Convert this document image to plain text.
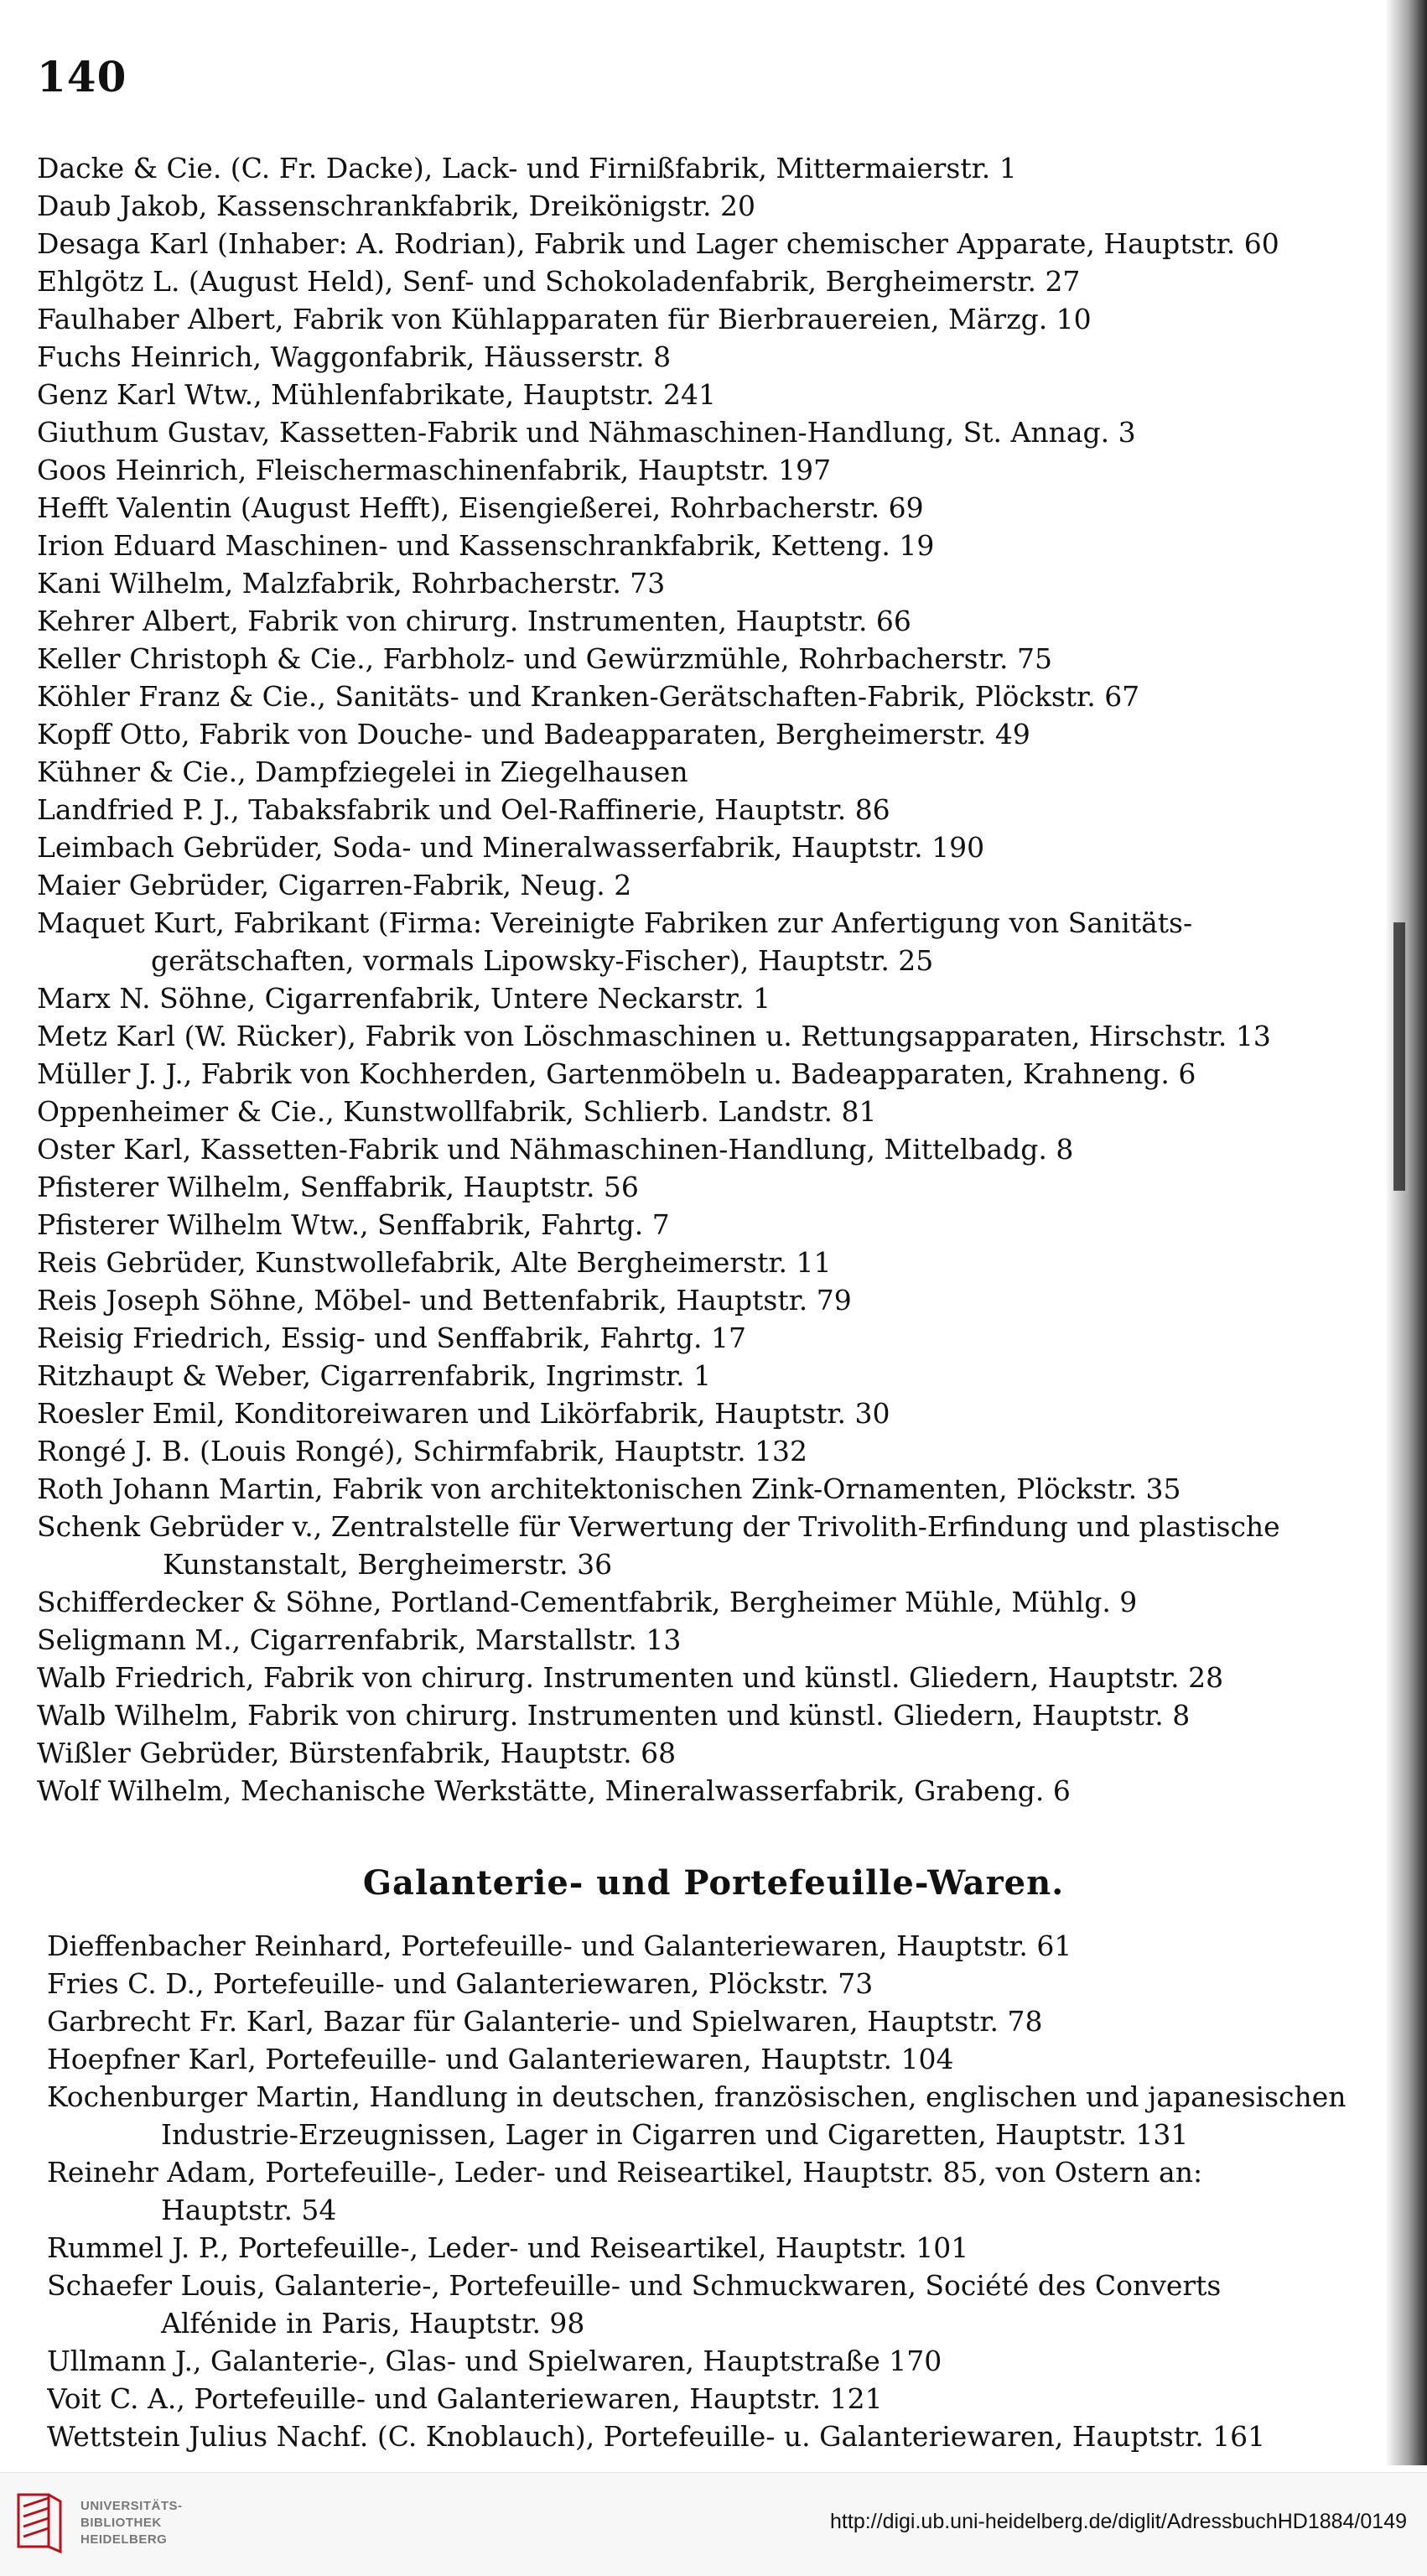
140
Dacke & Cie. (C. Fr. Dacke), Lack- und Firnißfabrik, Mittermaierstr. 1
Daub Jakob, Kassenschrankfabrik, Dreikönigstr. 20
Desaga Karl (Inhaber: A. Rodrian), Fabrik und Lager chemischer Apparate, Hauptstr. 60
Ehlgötz L. (August Held), Senf- und Schokoladenfabrik, Bergheimerstr. 27
Faulhaber Albert, Fabrik von Kühlapparaten für Bierbrauereien, Märzg. 10
Fuchs Heinrich, Waggonfabrik, Häusserstr. 8
Genz Karl Wtw., Mühlenfabrikate, Hauptstr. 241
Giuthum Gustav, Kassetten-Fabrik und Nähmaschinen-Handlung, St. Annag. 3
Goos Heinrich, Fleischermaschinenfabrik, Hauptstr. 197
Hefft Valentin (August Hefft), Eisengießerei, Rohrbacherstr. 69
Irion Eduard Maschinen- und Kassenschrankfabrik, Ketteng. 19
Kani Wilhelm, Malzfabrik, Rohrbacherstr. 73
Kehrer Albert, Fabrik von chirurg. Instrumenten, Hauptstr. 66
Keller Christoph & Cie., Farbholz- und Gewürzmühle, Rohrbacherstr. 75
Köhler Franz & Cie., Sanitäts- und Kranken-Gerätschaften-Fabrik, Plöckstr. 67
Kopff Otto, Fabrik von Douche- und Badeapparaten, Bergheimerstr. 49
Kühner & Cie., Dampfziegelei in Ziegelhausen
Landfried P. J., Tabaksfabrik und Oel-Raffinerie, Hauptstr. 86
Leimbach Gebrüder, Soda- und Mineralwasserfabrik, Hauptstr. 190
Maier Gebrüder, Cigarren-Fabrik, Neug. 2
Maquet Kurt, Fabrikant (Firma: Vereinigte Fabriken zur Anfertigung von Sanitäts-
gerätschaften, vormals Lipowsky-Fischer), Hauptstr. 25
Marx N. Söhne, Cigarrenfabrik, Untere Neckarstr. 1
Metz Karl (W. Rücker), Fabrik von Löschmaschinen u. Rettungsapparaten, Hirschstr. 13
Müller J. J., Fabrik von Kochherden, Gartenmöbeln u. Badeapparaten, Krahneng. 6
Oppenheimer & Cie., Kunstwollfabrik, Schlierb. Landstr. 81
Oster Karl, Kassetten-Fabrik und Nähmaschinen-Handlung, Mittelbadg. 8
Pfisterer Wilhelm, Senffabrik, Hauptstr. 56
Pfisterer Wilhelm Wtw., Senffabrik, Fahrtg. 7
Reis Gebrüder, Kunstwollefabrik, Alte Bergheimerstr. 11
Reis Joseph Söhne, Möbel- und Bettenfabrik, Hauptstr. 79
Reisig Friedrich, Essig- und Senffabrik, Fahrtg. 17
Ritzhaupt & Weber, Cigarrenfabrik, Ingrimstr. 1
Roesler Emil, Konditoreiwaren und Likörfabrik, Hauptstr. 30
Rongé J. B. (Louis Rongé), Schirmfabrik, Hauptstr. 132
Roth Johann Martin, Fabrik von architektonischen Zink-Ornamenten, Plöckstr. 35
Schenk Gebrüder v., Zentralstelle für Verwertung der Trivolith-Erfindung und plastische
Kunstanstalt, Bergheimerstr. 36
Schifferdecker & Söhne, Portland-Cementfabrik, Bergheimer Mühle, Mühlg. 9
Seligmann M., Cigarrenfabrik, Marstallstr. 13
Walb Friedrich, Fabrik von chirurg. Instrumenten und künstl. Gliedern, Hauptstr. 28
Walb Wilhelm, Fabrik von chirurg. Instrumenten und künstl. Gliedern, Hauptstr. 8
Wißler Gebrüder, Bürstenfabrik, Hauptstr. 68
Wolf Wilhelm, Mechanische Werkstätte, Mineralwasserfabrik, Grabeng. 6
Galanterie- und Portefeuille-Waren.
Dieffenbacher Reinhard, Portefeuille- und Galanteriewaren, Hauptstr. 61
Fries C. D., Portefeuille- und Galanteriewaren, Plöckstr. 73
Garbrecht Fr. Karl, Bazar für Galanterie- und Spielwaren, Hauptstr. 78
Hoepfner Karl, Portefeuille- und Galanteriewaren, Hauptstr. 104
Kochenburger Martin, Handlung in deutschen, französischen, englischen und japanesischen
Industrie-Erzeugnissen, Lager in Cigarren und Cigaretten, Hauptstr. 131
Reinehr Adam, Portefeuille-, Leder- und Reiseartikel, Hauptstr. 85, von Ostern an:
Hauptstr. 54
Rummel J. P., Portefeuille-, Leder- und Reiseartikel, Hauptstr. 101
Schaefer Louis, Galanterie-, Portefeuille- und Schmuckwaren, Société des Converts
Alfénide in Paris, Hauptstr. 98
Ullmann J., Galanterie-, Glas- und Spielwaren, Hauptstraße 170
Voit C. A., Portefeuille- und Galanteriewaren, Hauptstr. 121
Wettstein Julius Nachf. (C. Knoblauch), Portefeuille- u. Galanteriewaren, Hauptstr. 161
UNIVERSITÄTS-
BIBLIOTHEK
HEIDELBERG
http://digi.ub.uni-heidelberg.de/diglit/AdressbuchHD1884/0149
